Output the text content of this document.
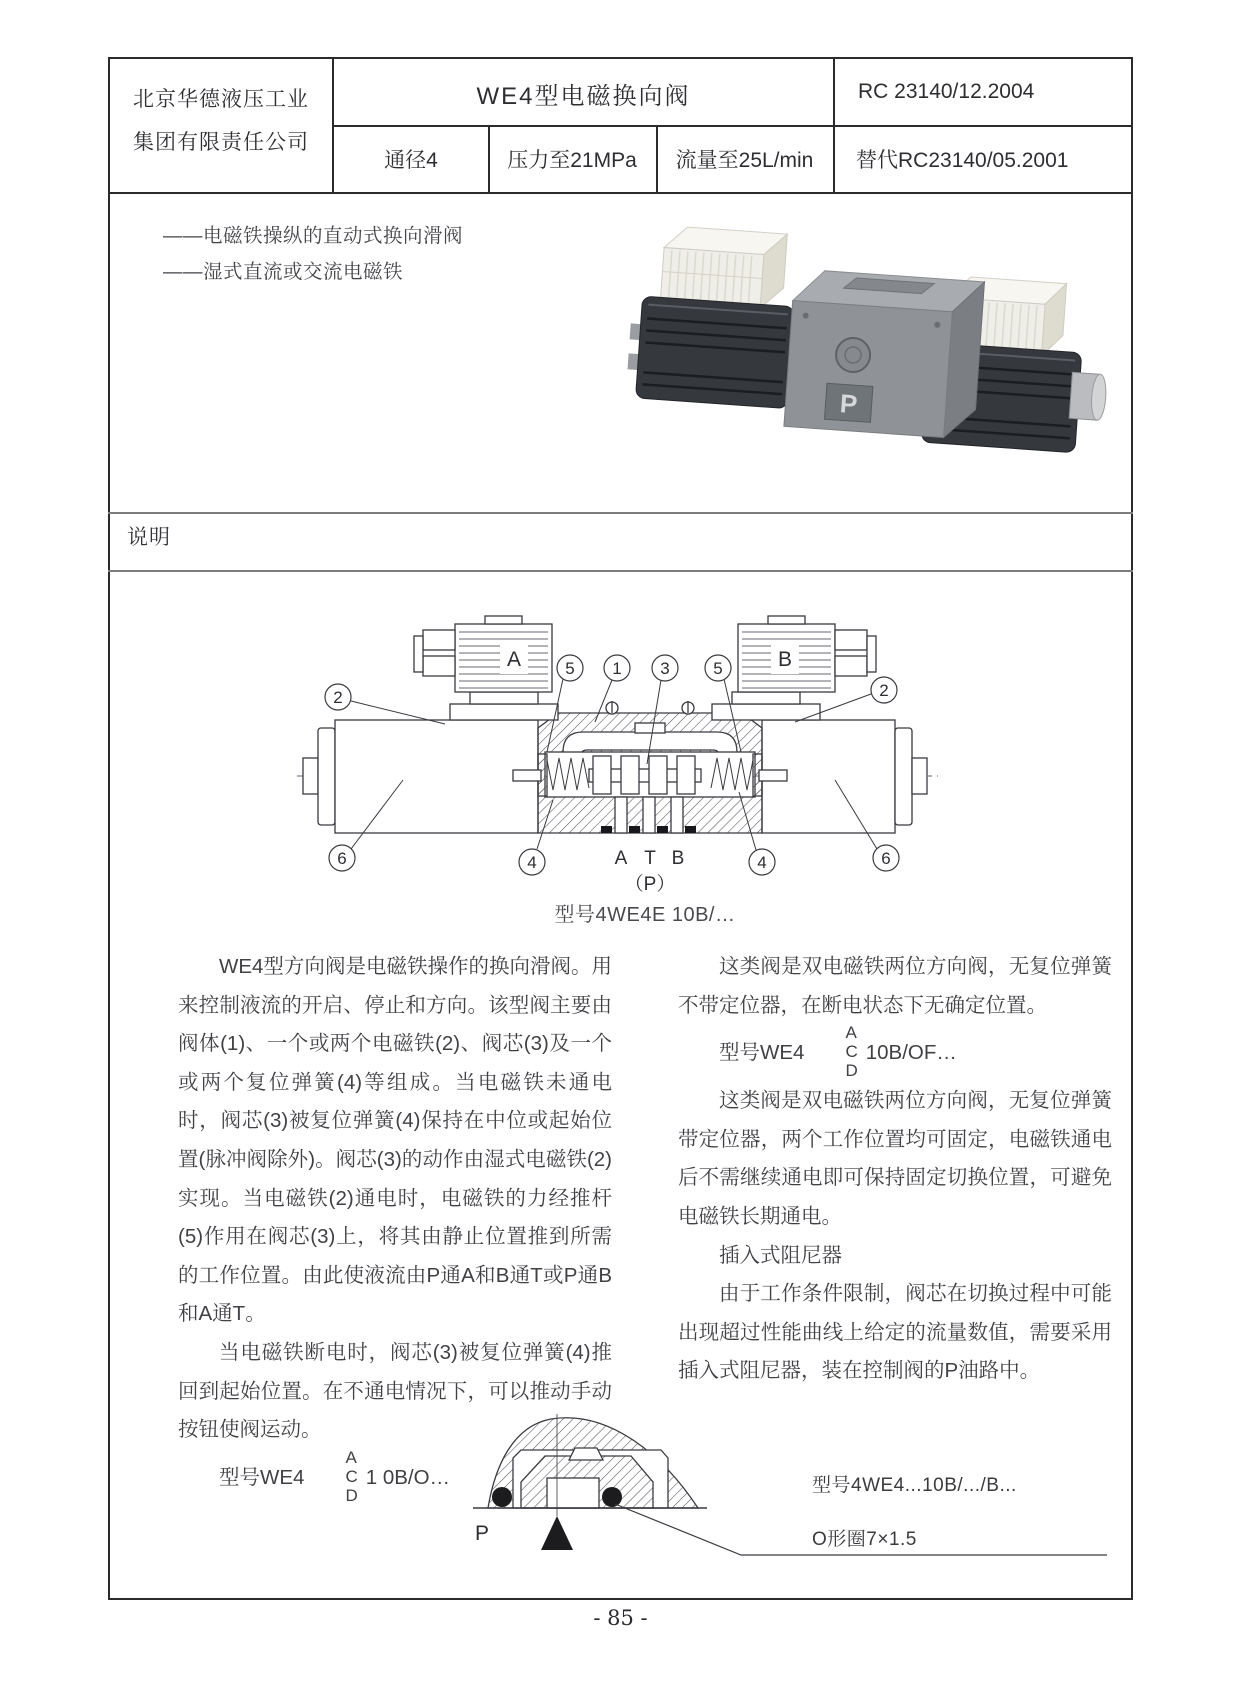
北京华德液压工业
集团有限责任公司
WE4型电磁换向阀	RC 23140/12.2004
通径4	压力至21MPa	流量至25L/min	替代RC23140/05.2001
——电磁铁操纵的直动式换向滑阀
——湿式直流或交流电磁铁
P
说明
2
5 1 3	5
2
6	4	4	6
A	B
A T B
（P）
型号4WE4E 10B/…

WE4型方向阀是电磁铁操作的换向滑阀。用来控制液流的开启、停止和方向。该型阀主要由阀体(1)、一个或两个电磁铁(2)、阀芯(3)及一个或两个复位弹簧(4)等组成。当电磁铁未通电时，阀芯(3)被复位弹簧(4)保持在中位或起始位置(脉冲阀除外)。阀芯(3)的动作由湿式电磁铁(2)实现。当电磁铁(2)通电时，电磁铁的力经推杆(5)作用在阀芯(3)上，将其由静止位置推到所需的工作位置。由此使液流由P通A和B通T或P通B和A通T。

当电磁铁断电时，阀芯(3)被复位弹簧(4)推回到起始位置。在不通电情况下，可以推动手动按钮使阀运动。

型号WE4
A
C
D
1 0B/O…

这类阀是双电磁铁两位方向阀，无复位弹簧不带定位器，在断电状态下无确定位置。

型号WE4
A
C
D
10B/OF…

这类阀是双电磁铁两位方向阀，无复位弹簧带定位器，两个工作位置均可固定，电磁铁通电后不需继续通电即可保持固定切换位置，可避免电磁铁长期通电。

插入式阻尼器

由于工作条件限制，阀芯在切换过程中可能出现超过性能曲线上给定的流量数值，需要采用插入式阻尼器，装在控制阀的P油路中。

P
型号4WE4...10B/.../B...
O形圈7×1.5
- 85 -
